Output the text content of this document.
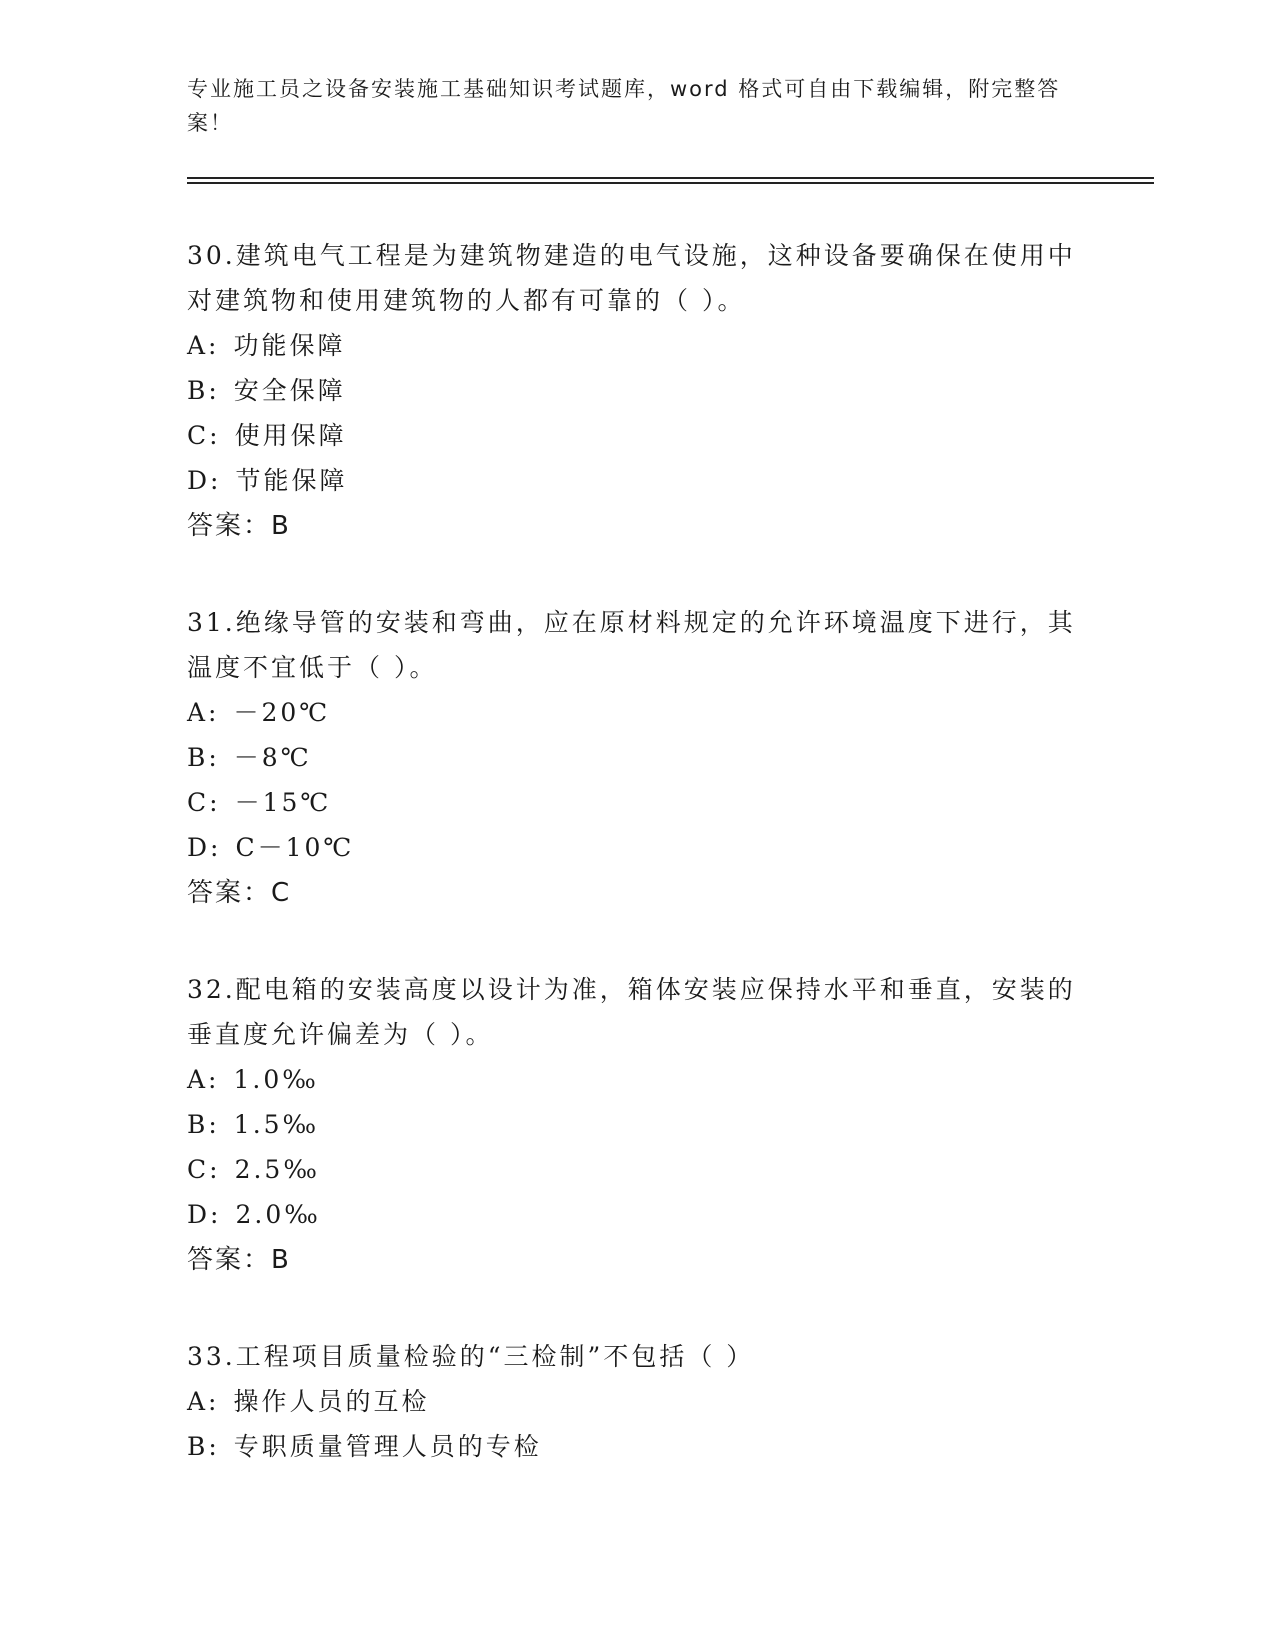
专业施工员之设备安装施工基础知识考试题库，word 格式可自由下载编辑，附完整答案！

30.建筑电气工程是为建筑物建造的电气设施，这种设备要确保在使用中对建筑物和使用建筑物的人都有可靠的（ ）。

A: 功能保障

B: 安全保障

C: 使用保障

D: 节能保障

答案：B

31.绝缘导管的安装和弯曲，应在原材料规定的允许环境温度下进行，其温度不宜低于（ ）。

A: －20℃

B: －8℃

C: －15℃

D: C－10℃

答案：C

32.配电箱的安装高度以设计为准，箱体安装应保持水平和垂直，安装的垂直度允许偏差为（ ）。

A: 1.0‰

B: 1.5‰

C: 2.5‰

D: 2.0‰

答案：B

33.工程项目质量检验的“三检制”不包括（ ）

A: 操作人员的互检

B: 专职质量管理人员的专检
